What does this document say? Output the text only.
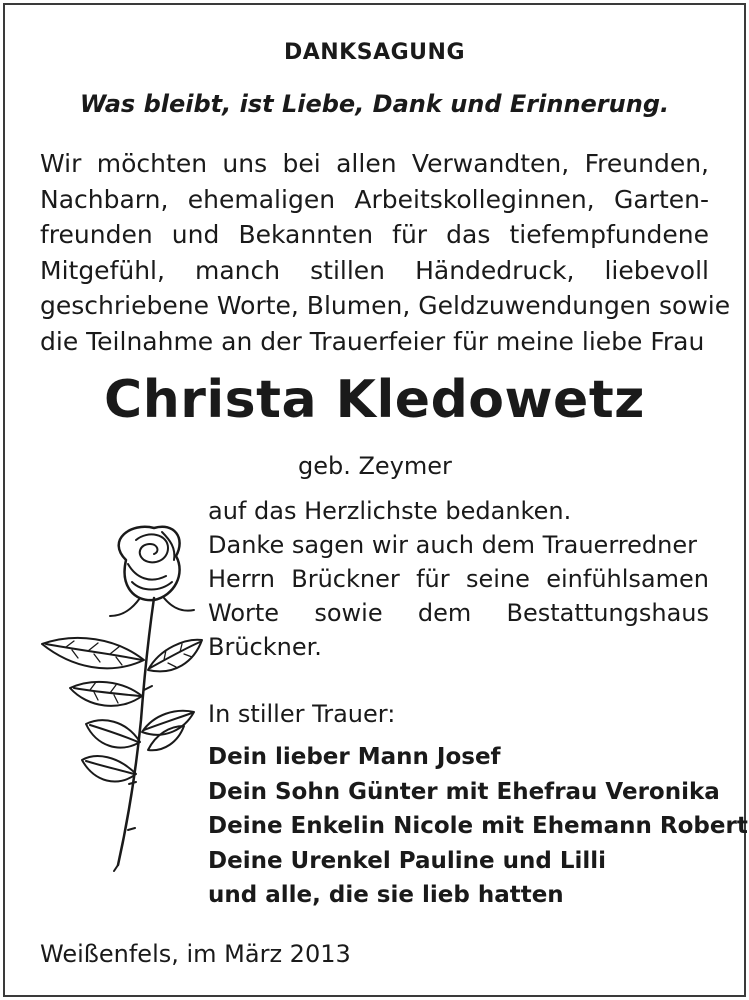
DANKSAGUNG
Was bleibt, ist Liebe, Dank und Erinnerung.
Wir möchten uns bei allen Verwandten, Freunden,
Nachbarn, ehemaligen Arbeitskolleginnen, Garten-
freunden und Bekannten für das tiefempfundene
Mitgefühl, manch stillen Händedruck, liebevoll
geschriebene Worte, Blumen, Geldzuwendungen sowie
die Teilnahme an der Trauerfeier für meine liebe Frau
Christa Kledowetz
geb. Zeymer
auf das Herzlichste bedanken.
Danke sagen wir auch dem Trauerredner
Herrn Brückner für seine einfühlsamen
Worte sowie dem Bestattungshaus
Brückner.
In stiller Trauer:
Dein lieber Mann Josef
Dein Sohn Günter mit Ehefrau Veronika
Deine Enkelin Nicole mit Ehemann Robert
Deine Urenkel Pauline und Lilli
und alle, die sie lieb hatten
Weißenfels, im März 2013
